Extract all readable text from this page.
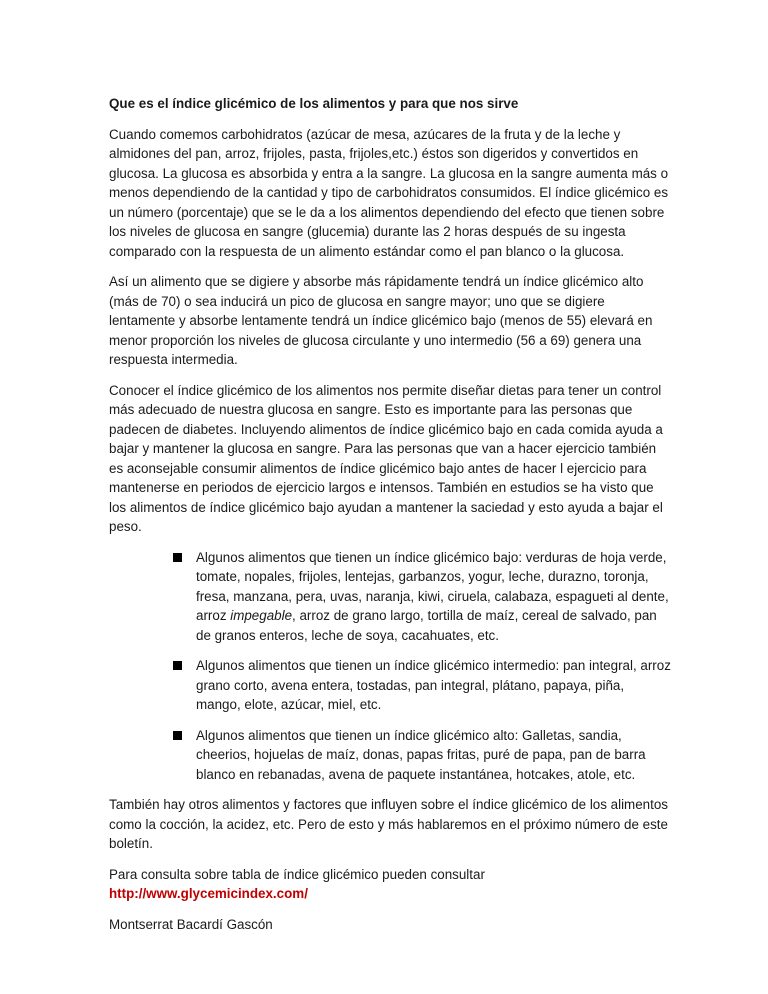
Que es el índice glicémico de los alimentos y para que nos sirve

Cuando comemos carbohidratos (azúcar de mesa, azúcares de la fruta y de la leche y almidones del pan, arroz, frijoles, pasta, frijoles,etc.) éstos son digeridos y convertidos en glucosa. La glucosa es absorbida y entra a la sangre. La glucosa en la sangre aumenta más o menos dependiendo de la cantidad y tipo de carbohidratos consumidos. El índice glicémico es un número (porcentaje) que se le da a los alimentos dependiendo del efecto que tienen sobre los niveles de glucosa en sangre (glucemia) durante las 2 horas después de su ingesta comparado con la respuesta de un alimento estándar como el pan blanco o la glucosa.

Así un alimento que se digiere y absorbe más rápidamente tendrá un índice glicémico alto (más de 70) o sea inducirá un pico de glucosa en sangre mayor; uno que se digiere lentamente y absorbe lentamente tendrá un índice glicémico bajo (menos de 55) elevará en menor proporción los niveles de glucosa circulante y uno intermedio (56 a 69) genera una respuesta intermedia.

Conocer el índice glicémico de los alimentos nos permite diseñar dietas para tener un control más adecuado de nuestra glucosa en sangre. Esto es importante para las personas que padecen de diabetes. Incluyendo alimentos de índice glicémico bajo en cada comida ayuda a bajar y mantener la glucosa en sangre. Para las personas que van a hacer ejercicio también es aconsejable consumir alimentos de índice glicémico bajo antes de hacer l ejercicio para mantenerse en periodos de ejercicio largos e intensos. También en estudios se ha visto que los alimentos de índice glicémico bajo ayudan a mantener la saciedad y esto ayuda a bajar el peso.

Algunos alimentos que tienen un índice glicémico bajo: verduras de hoja verde, tomate, nopales, frijoles, lentejas, garbanzos, yogur, leche, durazno, toronja, fresa, manzana, pera, uvas, naranja, kiwi, ciruela, calabaza, espagueti al dente, arroz impegable, arroz de grano largo, tortilla de maíz, cereal de salvado, pan de granos enteros, leche de soya, cacahuates, etc.
Algunos alimentos que tienen un índice glicémico intermedio: pan integral, arroz grano corto, avena entera, tostadas, pan integral, plátano, papaya, piña, mango, elote, azúcar, miel, etc.
Algunos alimentos que tienen un índice glicémico alto: Galletas, sandia, cheerios, hojuelas de maíz, donas, papas fritas, puré de papa, pan de barra blanco en rebanadas, avena de paquete instantánea, hotcakes, atole, etc.

También hay otros alimentos y factores que influyen sobre el índice glicémico de los alimentos como la cocción, la acidez, etc. Pero de esto y más hablaremos en el próximo número de este boletín.

Para consulta sobre tabla de índice glicémico pueden consultar http://www.glycemicindex.com/

Montserrat Bacardí Gascón
